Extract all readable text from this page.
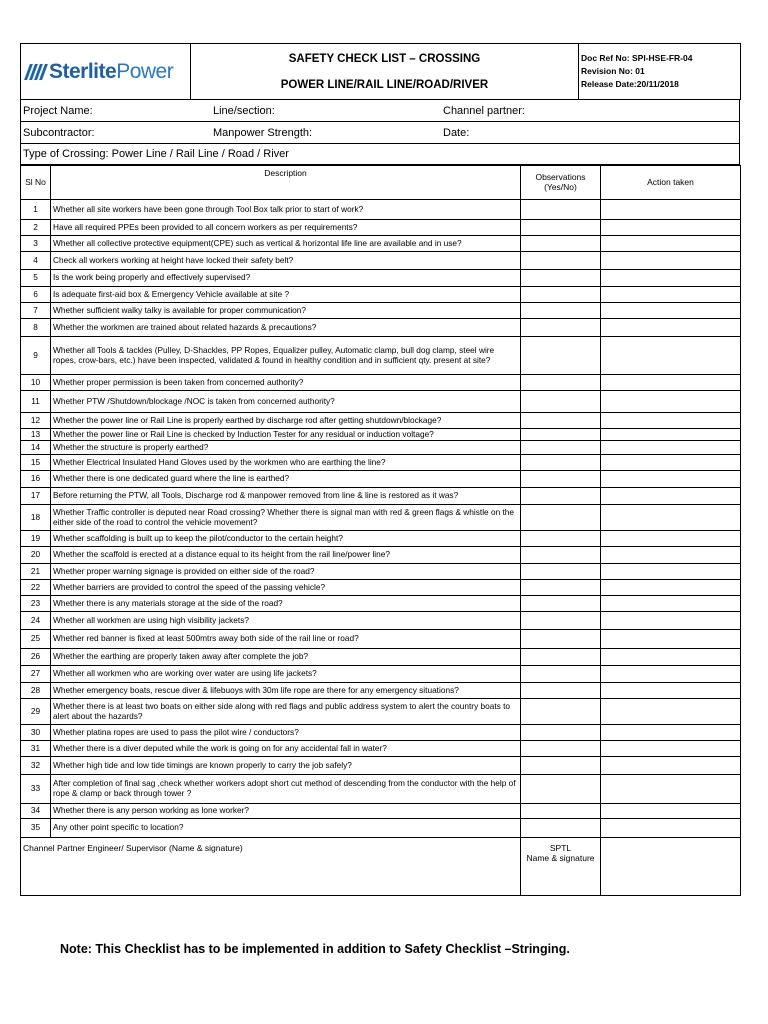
SterlitePower

SAFETY CHECK LIST – CROSSING
POWER LINE/RAIL LINE/ROAD/RIVER

Doc Ref No: SPI-HSE-FR-04
Revision No: 01
Release Date:20/11/2018
Project Name:	Line/section:	Channel partner:
Subcontractor:	Manpower Strength:	Date:
Type of Crossing: Power Line / Rail Line / Road / River
Sl No	Description	Observations (Yes/No)	Action taken
1	Whether all site workers have been gone through Tool Box talk prior to start of work?		
2	Have all required PPEs been provided to all concern workers as per requirements?		
3	Whether all collective protective equipment(CPE) such as vertical & horizontal life line are available and in use?		
4	Check all workers working at height have locked their safety belt?		
5	Is the work being properly and effectively supervised?		
6	Is adequate first-aid box & Emergency Vehicle available at site ?		
7	Whether sufficient walky talky is available for proper communication?		
8	Whether the workmen are trained about related hazards & precautions?		
9	Whether all Tools & tackles (Pulley, D-Shackles, PP Ropes, Equalizer pulley, Automatic clamp, bull dog clamp, steel wire ropes, crow-bars, etc.) have been inspected, validated & found in healthy condition and in sufficient qty. present at site?		
10	Whether proper permission is been taken from concerned authority?		
11	Whether PTW /Shutdown/blockage /NOC is taken from concerned authority?		
12	Whether the power line or Rail Line is properly earthed by discharge rod after getting shutdown/blockage?		
13	Whether the power line or Rail Line is checked by Induction Tester for any residual or induction voltage?		
14	Whether the structure is properly earthed?		
15	Whether Electrical Insulated Hand Gloves used by the workmen who are earthing the line?		
16	Whether there is one dedicated guard where the line is earthed?		
17	Before returning the PTW, all Tools, Discharge rod & manpower removed from line & line is restored as it was?		
18	Whether Traffic controller is deputed near Road crossing? Whether there is signal man with red & green flags & whistle on the either side of the road to control the vehicle movement?		
19	Whether scaffolding is built up to keep the pilot/conductor to the certain height?		
20	Whether the scaffold is erected at a distance equal to its height from the rail line/power line?		
21	Whether proper warning signage is provided on either side of the road?		
22	Whether barriers are provided to control the speed of the passing vehicle?		
23	Whether there is any materials storage at the side of the road?		
24	Whether all workmen are using high visibility jackets?		
25	Whether red banner is fixed at least 500mtrs away both side of the rail line or road?		
26	Whether the earthing are properly taken away after complete the job?		
27	Whether all workmen who are working over water are using life jackets?		
28	Whether emergency boats, rescue diver & lifebuoys with 30m life rope are there for any emergency situations?		
29	Whether there is at least two boats on either side along with red flags and public address system to alert the country boats to alert about the hazards?		
30	Whether platina ropes are used to pass the pilot wire / conductors?		
31	Whether there is a diver deputed while the work is going on for any accidental fall in water?		
32	Whether high tide and low tide timings are known properly to carry the job safely?		
33	After completion of final sag ,check whether workers adopt short cut method of descending from the conductor with the help of rope & clamp or back through tower ?		
34	Whether there is any person working as lone worker?		
35	Any other point specific to location?		
Channel Partner Engineer/ Supervisor (Name & signature)		SPTL
Name & signature	

Note: This Checklist has to be implemented in addition to Safety Checklist –Stringing.
